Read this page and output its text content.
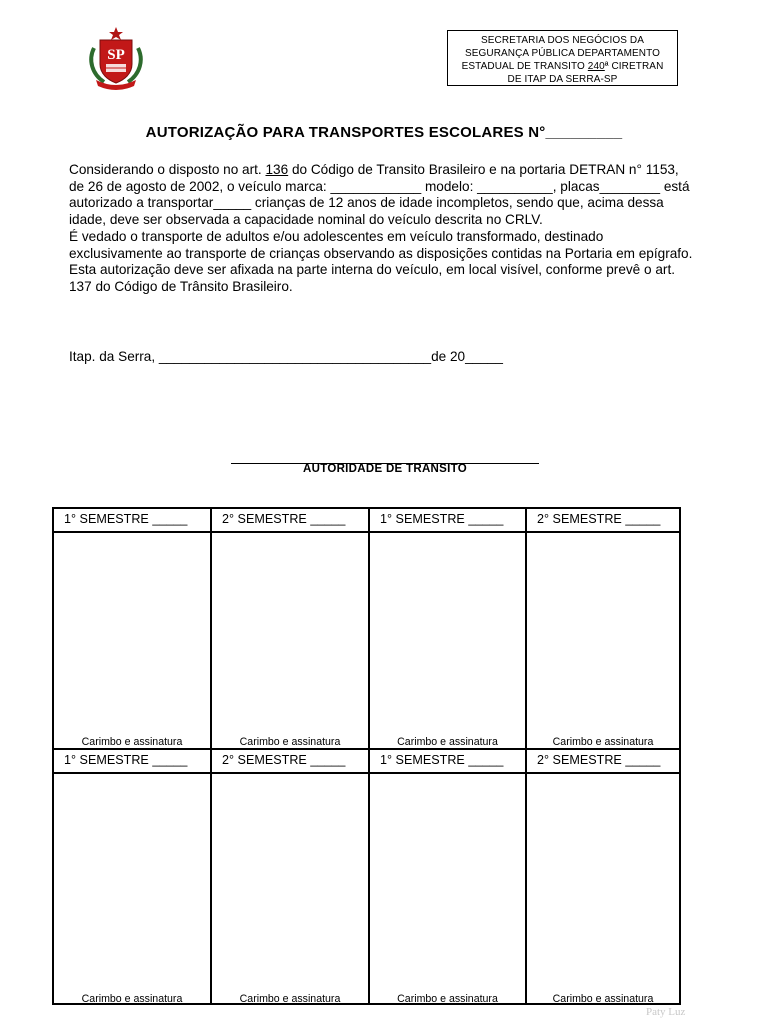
SP
SECRETARIA DOS NEGÓCIOS DA
SEGURANÇA PÚBLICA DEPARTAMENTO
ESTADUAL DE TRANSITO 240ª CIRETRAN
DE ITAP DA SERRA-SP
AUTORIZAÇÃO PARA TRANSPORTES ESCOLARES N°_________

Considerando o disposto no art. 136 do Código de Transito Brasileiro e na portaria DETRAN n° 1153, de 26 de agosto de 2002, o veículo marca: ____________ modelo: __________, placas________ está autorizado a transportar_____ crianças de 12 anos de idade incompletos, sendo que, acima dessa idade, deve ser observada a capacidade nominal do veículo descrita no CRLV.

É vedado o transporte de adultos e/ou adolescentes em veículo transformado, destinado exclusivamente ao transporte de crianças observando as disposições contidas na Portaria em epígrafo.

Esta autorização deve ser afixada na parte interna do veículo, em local visível, conforme prevê o art. 137 do Código de Trânsito Brasileiro.

Itap. da Serra, ____________________________________de 20_____
AUTORIDADE DE TRANSITO
1° SEMESTRE _____
Carimbo e assinatura
2° SEMESTRE _____
Carimbo e assinatura
1° SEMESTRE _____
Carimbo e assinatura
2° SEMESTRE _____
Carimbo e assinatura
1° SEMESTRE _____
Carimbo e assinatura
2° SEMESTRE _____
Carimbo e assinatura
1° SEMESTRE _____
Carimbo e assinatura
2° SEMESTRE _____
Carimbo e assinatura
Paty Luz
